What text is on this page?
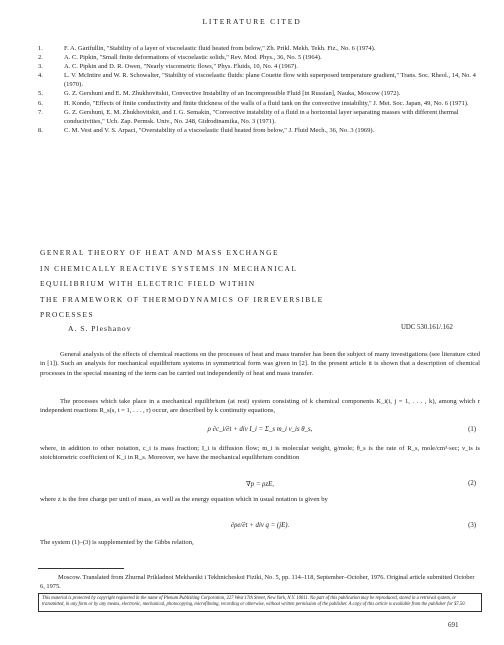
LITERATURE CITED
1.	F. A. Garifullin, "Stability of a layer of viscoelastic fluid heated from below," Zh. Prikl. Mekh. Tekh. Fiz., No. 6 (1974).
2.	A. C. Pipkin, "Small finite deformations of viscoelastic solids," Rev. Mod. Phys., 36, No. 5 (1964).
3.	A. C. Pipkin and D. R. Owen, "Nearly viscometric flows," Phys. Fluids, 10, No. 4 (1967).
4.	L. V. McIntire and W. R. Schowalter, "Stability of viscoelastic fluids: plane Couette flow with superposed temperature gradient," Trans. Soc. Rheol., 14, No. 4 (1970).
5.	G. Z. Gershuni and E. M. Zhukhovitskii, Convective Instability of an Incompressible Fluid [in Russian], Nauka, Moscow (1972).
6.	H. Kondo, "Effects of finite conductivity and finite thickness of the walls of a fluid tank on the convective instability," J. Met. Soc. Japan, 49, No. 6 (1971).
7.	G. Z. Gershuni, E. M. Zhukhovitskii, and I. G. Semakin, "Convective instability of a fluid in a horizontal layer separating masses with different thermal conductivities," Uch. Zap. Permsk. Univ., No. 248, Gidrodinamika, No. 3 (1971).
8.	C. M. Vest and V. S. Arpaci, "Overstability of a viscoelastic fluid heated from below," J. Fluid Mech., 36, No. 3 (1969).
GENERAL THEORY OF HEAT AND MASS EXCHANGE
IN CHEMICALLY REACTIVE SYSTEMS IN MECHANICAL
EQUILIBRIUM WITH ELECTRIC FIELD WITHIN
THE FRAMEWORK OF THERMODYNAMICS OF IRREVERSIBLE
PROCESSES
A. S. Pleshanov	UDC 530.161/.162
General analysis of the effects of chemical reactions on the processes of heat and mass transfer has been the subject of many investigations (see literature cited in [1]). Such an analysis for mechanical equilibrium systems in symmetrical form was given in [2]. In the present article it is shown that a description of chemical processes in the special meaning of the term can be carried out independently of heat and mass transfer.
The processes which take place in a mechanical equilibrium (at rest) system consisting of k chemical components K_i(i, j = 1, . . . , k), among which r independent reactions R_s(s, t = 1, . . . , r) occur, are described by k continuity equations,
ρ ∂c_i/∂t + div I_i = Σ_s m_i ν_is θ_s,	(1)
where, in addition to other notation, c_i is mass fraction; I_i is diffusion flow; m_i is molecular weight, g/mole; θ_s is the rate of R_s, mole/cm³·sec; ν_is is stoichiometric coefficient of K_i in R_s. Moreover, we have the mechanical equilibrium condition
∇p = ρzE,	(2)
where z is the free charge per unit of mass, as well as the energy equation which in usual notation is given by
∂ρe/∂t + div q = (jE).	(3)
The system (1)–(3) is supplemented by the Gibbs relation,
Moscow. Translated from Zhurnal Prikladnoi Mekhaniki i Tekhnicheskoi Fiziki, No. 5, pp. 114–118, September–October, 1976. Original article submitted October 6, 1975.
This material is protected by copyright registered in the name of Plenum Publishing Corporation, 227 West 17th Street, New York, N.Y. 10011. No part of this publication may be reproduced, stored in a retrieval system, or transmitted, in any form or by any means, electronic, mechanical, photocopying, microfilming, recording or otherwise, without written permission of the publisher. A copy of this article is available from the publisher for $7.50.
691
